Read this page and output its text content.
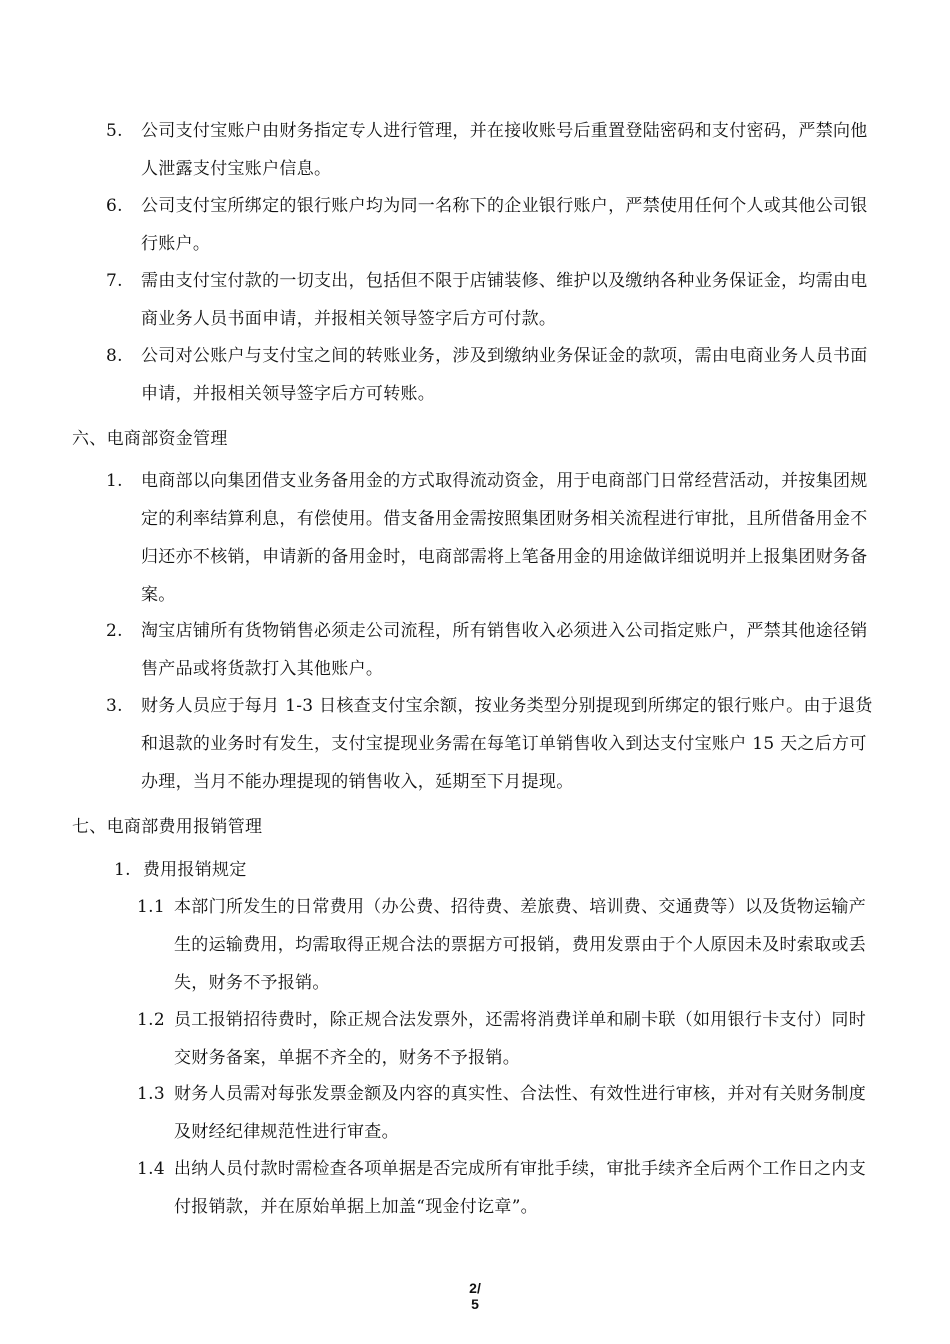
5. 公司支付宝账户由财务指定专人进行管理，并在接收账号后重置登陆密码和支付密码，严禁向他人泄露支付宝账户信息。
6. 公司支付宝所绑定的银行账户均为同一名称下的企业银行账户，严禁使用任何个人或其他公司银行账户。
7. 需由支付宝付款的一切支出，包括但不限于店铺装修、维护以及缴纳各种业务保证金，均需由电商业务人员书面申请，并报相关领导签字后方可付款。
8. 公司对公账户与支付宝之间的转账业务，涉及到缴纳业务保证金的款项，需由电商业务人员书面申请，并报相关领导签字后方可转账。
六、电商部资金管理
1. 电商部以向集团借支业务备用金的方式取得流动资金，用于电商部门日常经营活动，并按集团规定的利率结算利息，有偿使用。借支备用金需按照集团财务相关流程进行审批，且所借备用金不归还亦不核销，申请新的备用金时，电商部需将上笔备用金的用途做详细说明并上报集团财务备案。
2. 淘宝店铺所有货物销售必须走公司流程，所有销售收入必须进入公司指定账户，严禁其他途径销售产品或将货款打入其他账户。
3. 财务人员应于每月 1-3 日核查支付宝余额，按业务类型分别提现到所绑定的银行账户。由于退货和退款的业务时有发生，支付宝提现业务需在每笔订单销售收入到达支付宝账户 15 天之后方可办理，当月不能办理提现的销售收入，延期至下月提现。
七、电商部费用报销管理
1. 费用报销规定
1.1 本部门所发生的日常费用（办公费、招待费、差旅费、培训费、交通费等）以及货物运输产生的运输费用，均需取得正规合法的票据方可报销，费用发票由于个人原因未及时索取或丢失，财务不予报销。
1.2 员工报销招待费时，除正规合法发票外，还需将消费详单和刷卡联（如用银行卡支付）同时交财务备案，单据不齐全的，财务不予报销。
1.3 财务人员需对每张发票金额及内容的真实性、合法性、有效性进行审核，并对有关财务制度及财经纪律规范性进行审查。
1.4 出纳人员付款时需检查各项单据是否完成所有审批手续，审批手续齐全后两个工作日之内支付报销款，并在原始单据上加盖“现金付讫章”。
2/
5
